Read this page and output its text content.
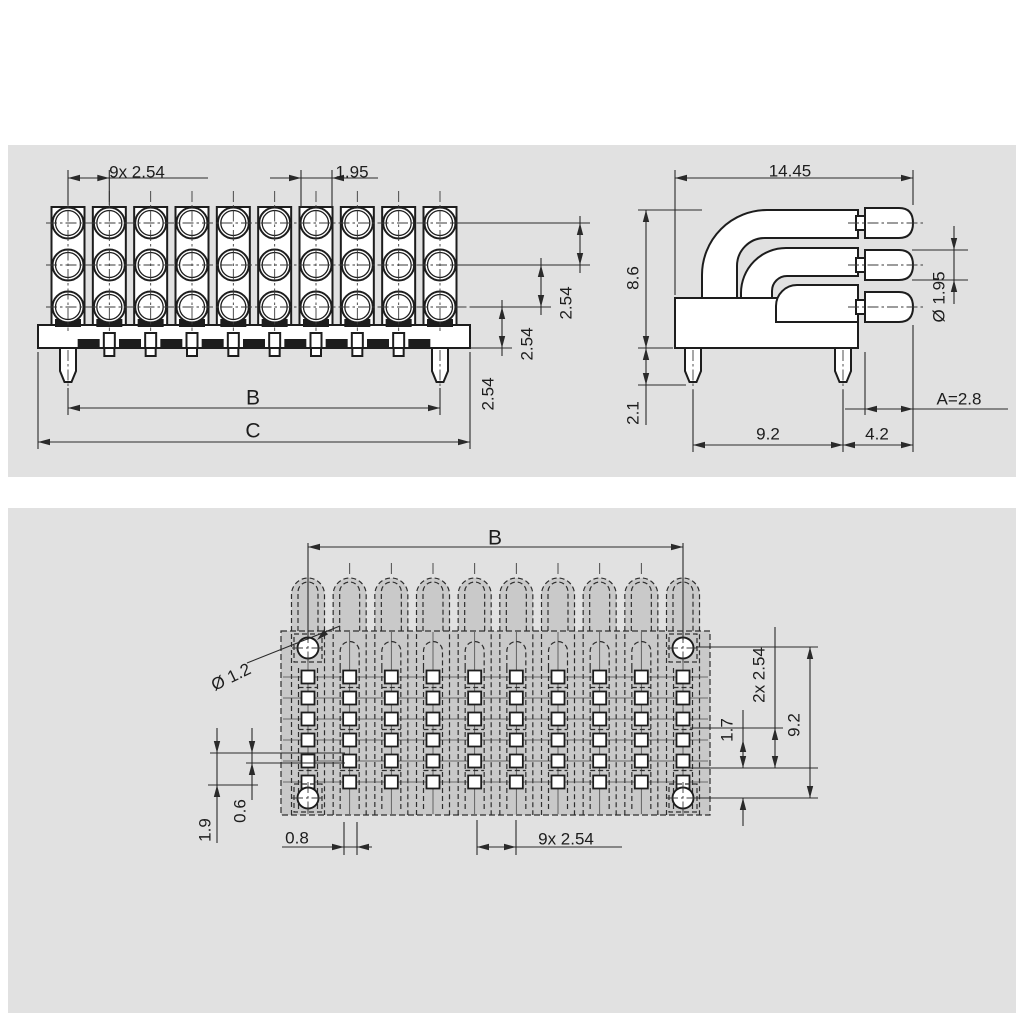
9x 2.54	1.95
2.54
2.54
2.54
B
C
14.45
8.6
2.1
Ø 1.95
A=2.8
9.2	4.2
B
Ø 1.2	2x 2.54
1.7	9.2
1.9
0.6
0.8	9x 2.54
